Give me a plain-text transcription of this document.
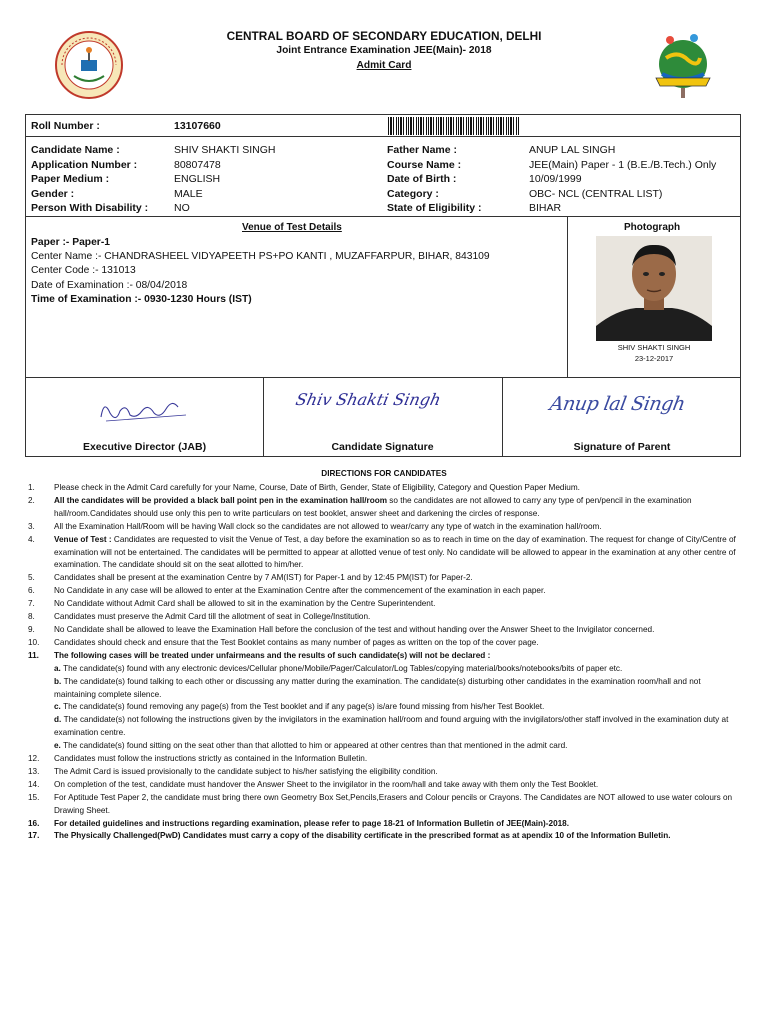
CENTRAL BOARD OF SECONDARY EDUCATION, DELHI
Joint Entrance Examination JEE(Main)- 2018
Admit Card
Roll Number :	13107660
Candidate Name :	SHIV SHAKTI SINGH
Application Number :	80807478
Paper Medium :	ENGLISH
Gender :	MALE
Person With Disability : NO
Father Name :	ANUP LAL SINGH
Course Name :	JEE(Main) Paper - 1 (B.E./B.Tech.) Only
Date of Birth :	10/09/1999
Category :	OBC- NCL (CENTRAL LIST)
State of Eligibility :	BIHAR
Venue of Test Details
Paper :- Paper-1
Center Name :- CHANDRASHEEL VIDYAPEETH PS+PO KANTI , MUZAFFARPUR, BIHAR, 843109
Center Code :- 131013
Date of Examination :- 08/04/2018
Time of Examination :- 0930-1230 Hours (IST)
Photograph
SHIV SHAKTI SINGH
23-12-2017
Shiv Shakti Singh	Anup lal Singh
Executive Director (JAB)	Candidate Signature	Signature of Parent
DIRECTIONS FOR CANDIDATES
1.	Please check in the Admit Card carefully for your Name, Course, Date of Birth, Gender, State of Eligibility, Category and Question Paper Medium.
2.	All the candidates will be provided a black ball point pen in the examination hall/room so the candidates are not allowed to carry any type of pen/pencil in the examination hall/room.Candidates should use only this pen to write particulars on test booklet, answer sheet and darkening the circles of response.
3.	All the Examination Hall/Room will be having Wall clock so the candidates are not allowed to wear/carry any type of watch in the examination hall/room.
4.	Venue of Test : Candidates are requested to visit the Venue of Test, a day before the examination so as to reach in time on the day of examination. The request for change of City/Centre of examination will not be entertained. The candidates will be permitted to appear at allotted venue of test only. No candidate will be allowed to appear in the examination at any other centre of examination. The candidate should sit on the seat allotted to him/her.
5.	Candidates shall be present at the examination Centre by 7 AM(IST) for Paper-1 and by 12:45 PM(IST) for Paper-2.
6.	No Candidate in any case will be allowed to enter at the Examination Centre after the commencement of the examination in each paper.
7.	No Candidate without Admit Card shall be allowed to sit in the examination by the Centre Superintendent.
8.	Candidates must preserve the Admit Card till the allotment of seat in College/Institution.
9.	No Candidate shall be allowed to leave the Examination Hall before the conclusion of the test and without handing over the Answer Sheet to the Invigilator concerned.
10.	Candidates should check and ensure that the Test Booklet contains as many number of pages as written on the top of the cover page.
11.	The following cases will be treated under unfairmeans and the results of such candidate(s) will not be declared :
a. The candidate(s) found with any electronic devices/Cellular phone/Mobile/Pager/Calculator/Log Tables/copying material/books/notebooks/bits of paper etc.
b. The candidate(s) found talking to each other or discussing any matter during the examination. The candidate(s) disturbing other candidates in the examination room/hall and not maintaining complete silence.
c. The candidate(s) found removing any page(s) from the Test booklet and if any page(s) is/are found missing from his/her Test Booklet.
d. The candidate(s) not following the instructions given by the invigilators in the examination hall/room and found arguing with the invigilators/other staff involved in the examination duty at examination centre.
e. The candidate(s) found sitting on the seat other than that allotted to him or appeared at other centres than that mentioned in the admit card.
12.	Candidates must follow the instructions strictly as contained in the Information Bulletin.
13.	The Admit Card is issued provisionally to the candidate subject to his/her satisfying the eligibility condition.
14.	On completion of the test, candidate must handover the Answer Sheet to the invigilator in the room/hall and take away with them only the Test Booklet.
15.	For Aptitude Test Paper 2, the candidate must bring there own Geometry Box Set,Pencils,Erasers and Colour pencils or Crayons. The Candidates are NOT allowed to use water colours on Drawing Sheet.
16.	For detailed guidelines and instructions regarding examination, please refer to page 18-21 of Information Bulletin of JEE(Main)-2018.
17.	The Physically Challenged(PwD) Candidates must carry a copy of the disability certificate in the prescribed format as at apendix 10 of the Information Bulletin.
